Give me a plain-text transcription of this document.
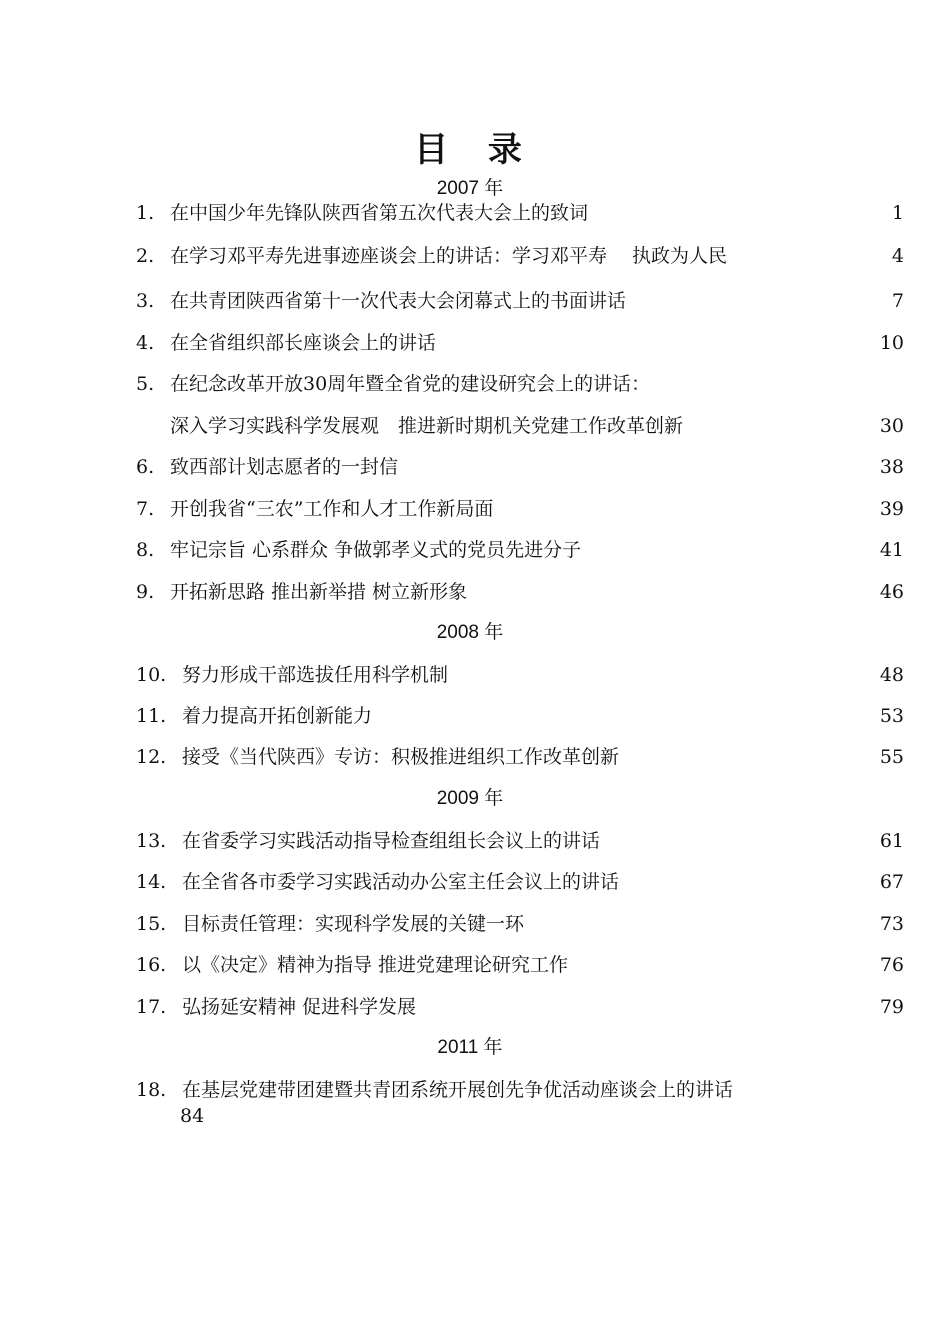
目 录
2007 年
1. 在中国少年先锋队陕西省第五次代表大会上的致词	1
2. 在学习邓平寿先进事迹座谈会上的讲话：学习邓平寿　 执政为人民	4
3. 在共青团陕西省第十一次代表大会闭幕式上的书面讲话	7
4. 在全省组织部长座谈会上的讲话	10
5. 在纪念改革开放30周年暨全省党的建设研究会上的讲话：
深入学习实践科学发展观　推进新时期机关党建工作改革创新	30
6. 致西部计划志愿者的一封信	38
7. 开创我省“三农”工作和人才工作新局面	39
8. 牢记宗旨 心系群众 争做郭孝义式的党员先进分子	41
9. 开拓新思路 推出新举措 树立新形象	46
2008 年
10. 努力形成干部选拔任用科学机制	48
11. 着力提高开拓创新能力	53
12. 接受《当代陕西》专访：积极推进组织工作改革创新	55
2009 年
13. 在省委学习实践活动指导检查组组长会议上的讲话	61
14. 在全省各市委学习实践活动办公室主任会议上的讲话	67
15. 目标责任管理：实现科学发展的关键一环	73
16. 以《决定》精神为指导 推进党建理论研究工作	76
17. 弘扬延安精神 促进科学发展	79
2011 年
18. 在基层党建带团建暨共青团系统开展创先争优活动座谈会上的讲话
84
